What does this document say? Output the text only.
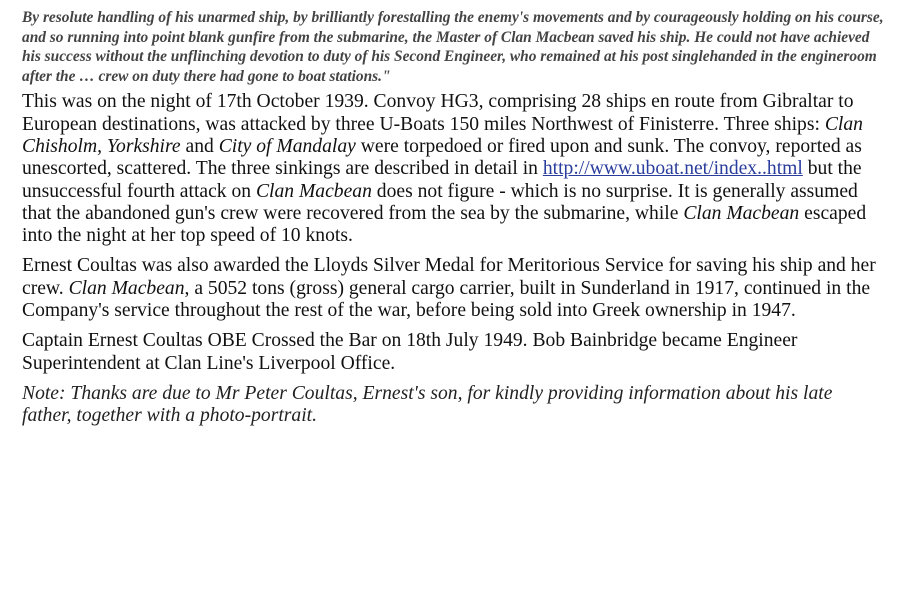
By resolute handling of his unarmed ship, by brilliantly forestalling the enemy's movements and by courageously holding on his course, and so running into point blank gunfire from the submarine, the Master of Clan Macbean saved his ship. He could not have achieved his success without the unflinching devotion to duty of his Second Engineer, who remained at his post singlehanded in the engineroom after the … crew on duty there had gone to boat stations."

This was on the night of 17th October 1939. Convoy HG3, comprising 28 ships en route from Gibraltar to European destinations, was attacked by three U-Boats 150 miles Northwest of Finisterre. Three ships: Clan Chisholm, Yorkshire and City of Mandalay were torpedoed or fired upon and sunk. The convoy, reported as unescorted, scattered. The three sinkings are described in detail in http://www.uboat.net/index..html but the unsuccessful fourth attack on Clan Macbean does not figure - which is no surprise. It is generally assumed that the abandoned gun's crew were recovered from the sea by the submarine, while Clan Macbean escaped into the night at her top speed of 10 knots.

Ernest Coultas was also awarded the Lloyds Silver Medal for Meritorious Service for saving his ship and her crew. Clan Macbean, a 5052 tons (gross) general cargo carrier, built in Sunderland in 1917, continued in the Company's service throughout the rest of the war, before being sold into Greek ownership in 1947.

Captain Ernest Coultas OBE Crossed the Bar on 18th July 1949. Bob Bainbridge became Engineer Superintendent at Clan Line's Liverpool Office.

Note: Thanks are due to Mr Peter Coultas, Ernest's son, for kindly providing information about his late father, together with a photo-portrait.
